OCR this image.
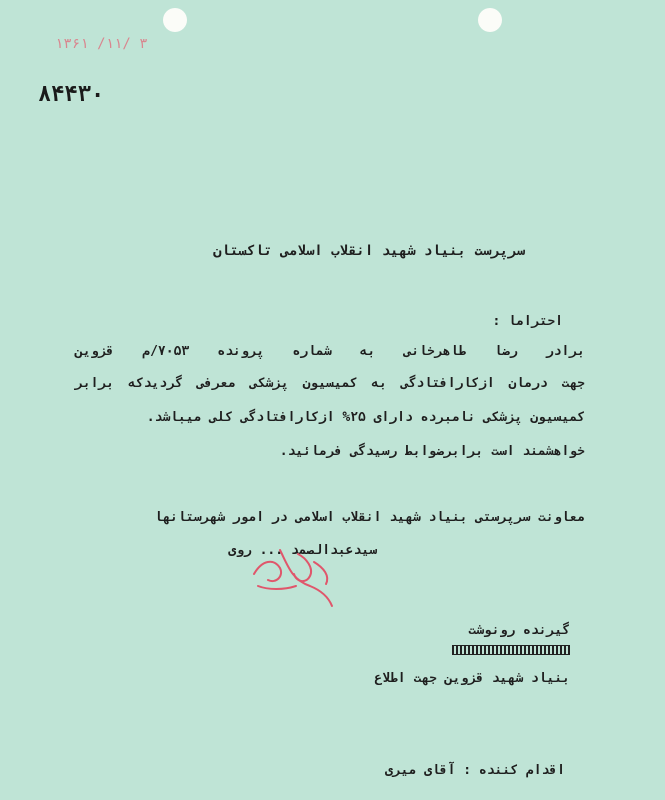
۱۳۶۱ /۱۱/ ۳
۸۴۴۳۰
سرپرست بنیاد شهید انقلاب اسلامی تاکستان
احتراما :
برادر رضا طاهرخانی به شماره پرونده ۷۰۵۳/م قزوین
جهت درمان ازکارافتادگی به کمیسیون پزشکی معرفی گردیدکه برابر
کمیسیون پزشکی نامبرده دارای ۲۵% ازکارافتادگی کلی میباشد.
خواهشمند است برابرضوابط رسیدگی فرمائید.
معاونت سرپرستی بنیاد شهید انقلاب اسلامی در امور شهرستانها
سیدعبدالصمد ... روی
گیرنده رونوشت
بنیاد شهید قزوین جهت اطلاع
اقدام کننده : آقای میری
